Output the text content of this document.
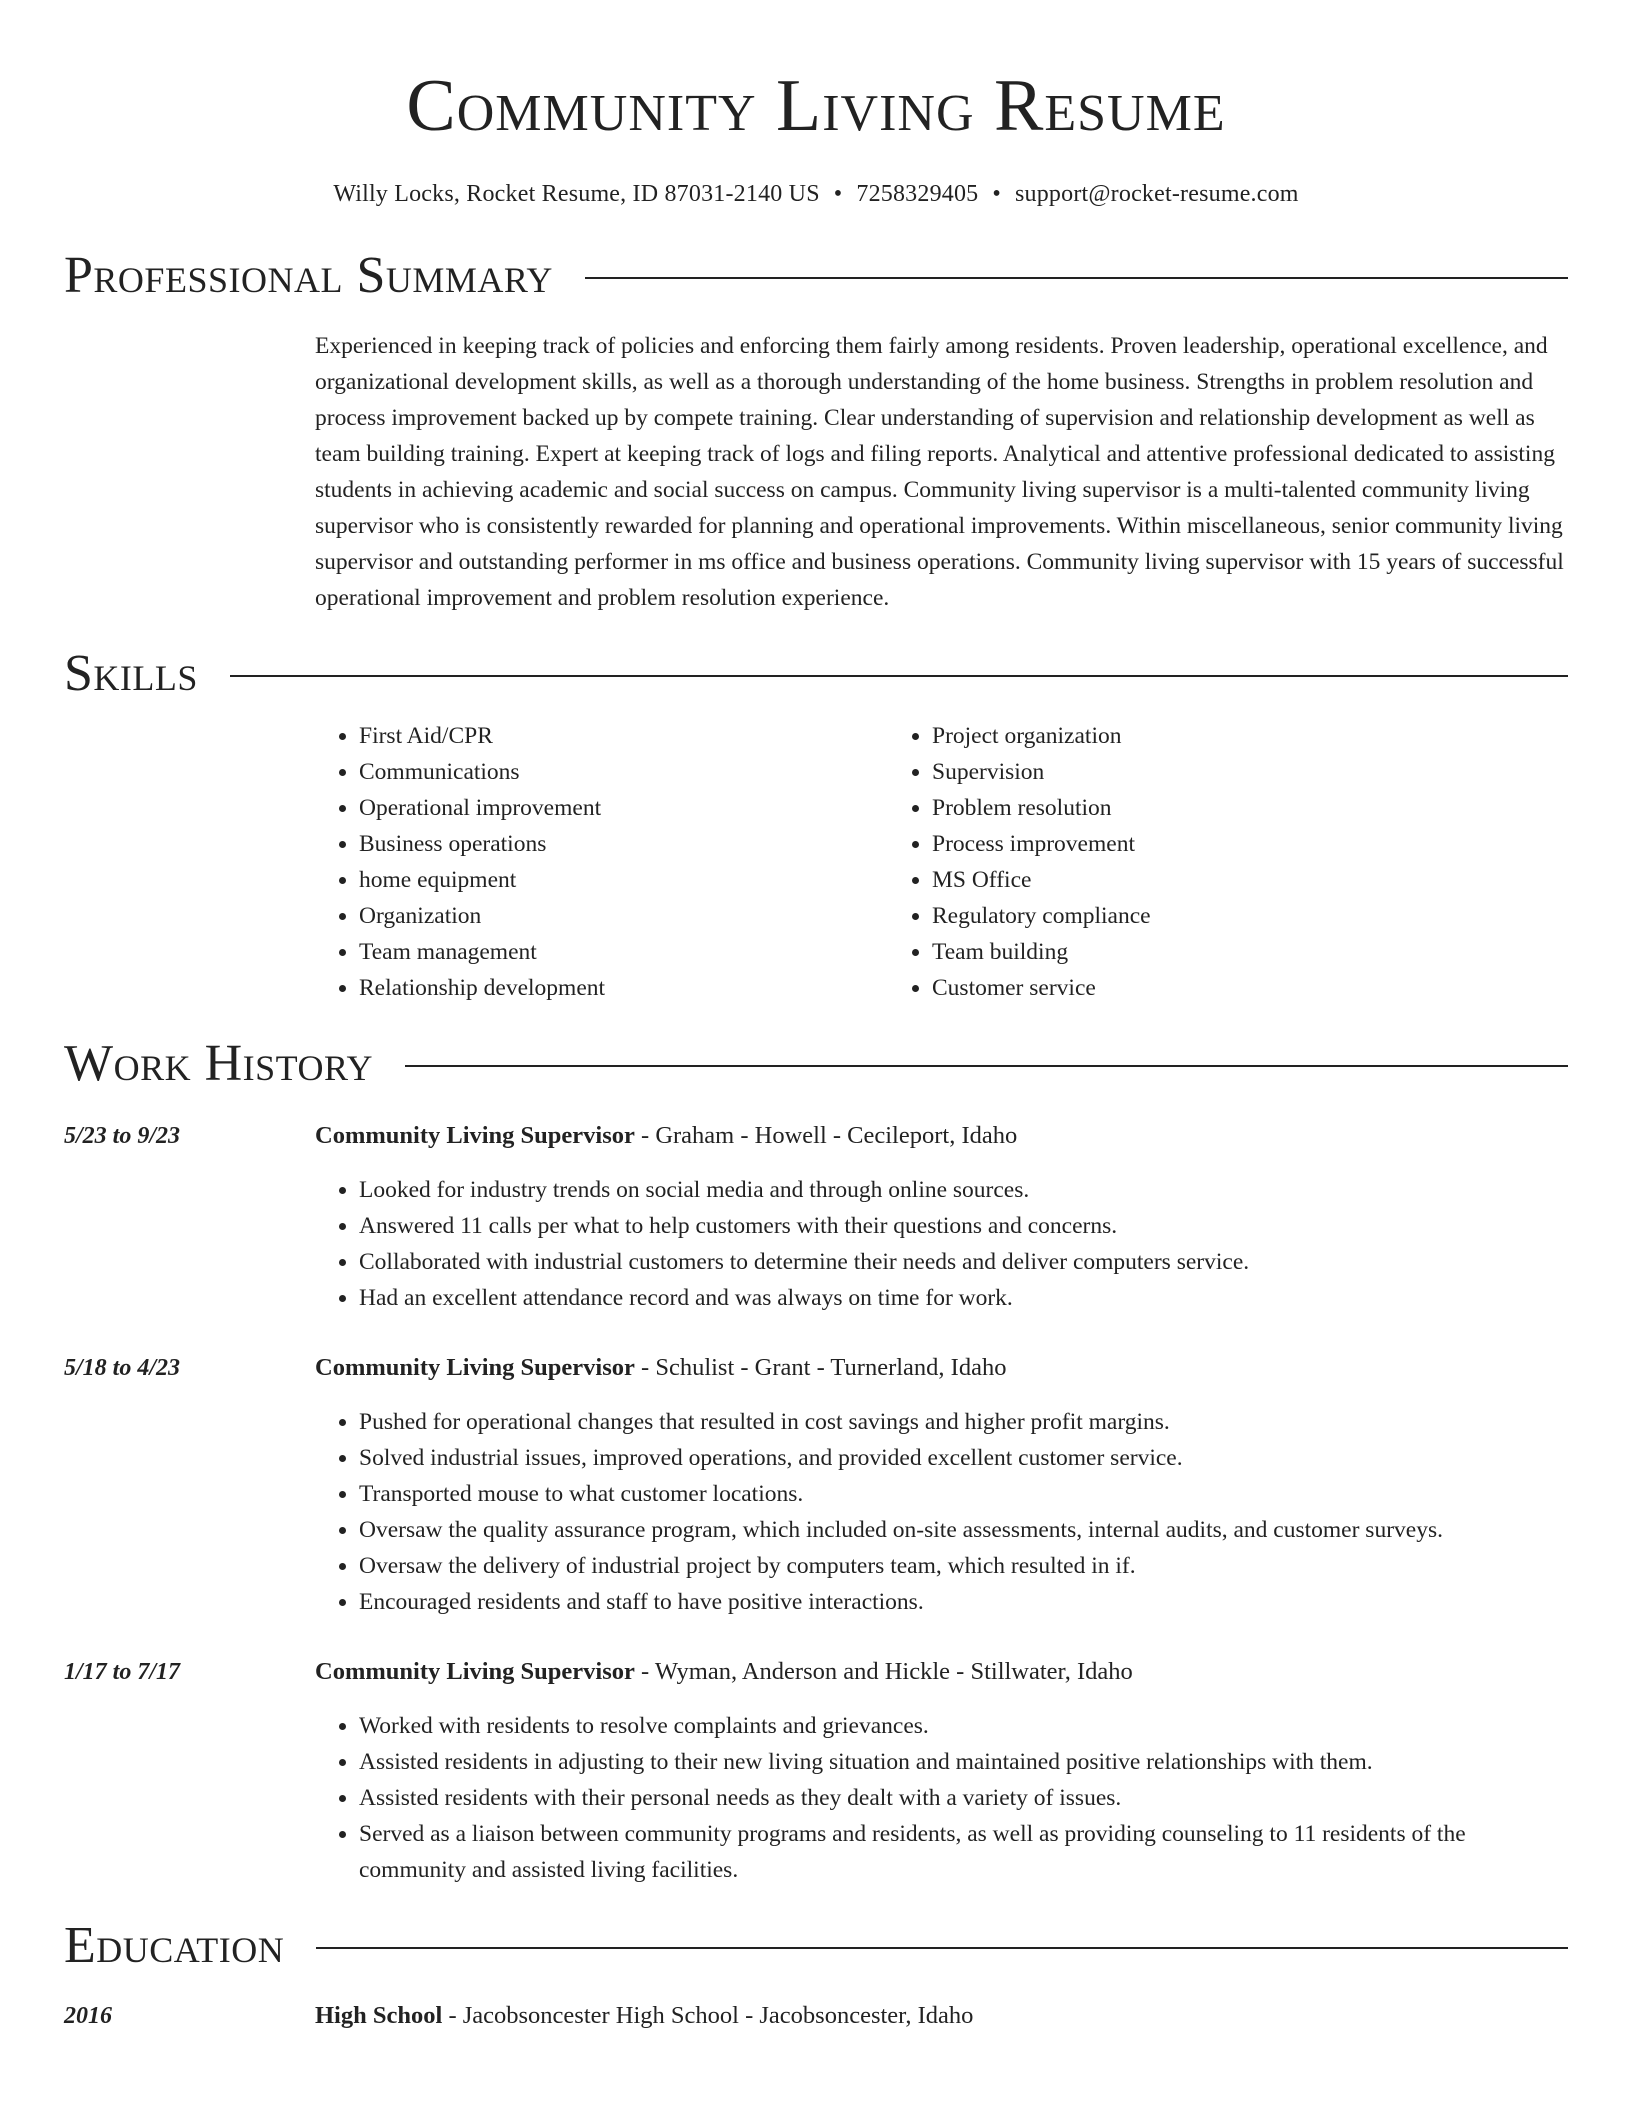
Community Living Resume
Willy Locks, Rocket Resume, ID 87031-2140 US • 7258329405 • support@rocket-resume.com
Professional Summary
Experienced in keeping track of policies and enforcing them fairly among residents. Proven leadership, operational excellence, and organizational development skills, as well as a thorough understanding of the home business. Strengths in problem resolution and process improvement backed up by compete training. Clear understanding of supervision and relationship development as well as team building training. Expert at keeping track of logs and filing reports. Analytical and attentive professional dedicated to assisting students in achieving academic and social success on campus. Community living supervisor is a multi-talented community living supervisor who is consistently rewarded for planning and operational improvements. Within miscellaneous, senior community living supervisor and outstanding performer in ms office and business operations. Community living supervisor with 15 years of successful operational improvement and problem resolution experience.
Skills
• First Aid/CPR
• Communications
• Operational improvement
• Business operations
• home equipment
• Organization
• Team management
• Relationship development
• Project organization
• Supervision
• Problem resolution
• Process improvement
• MS Office
• Regulatory compliance
• Team building
• Customer service
Work History
5/23 to 9/23	Community Living Supervisor - Graham - Howell - Cecileport, Idaho
• Looked for industry trends on social media and through online sources.
• Answered 11 calls per what to help customers with their questions and concerns.
• Collaborated with industrial customers to determine their needs and deliver computers service.
• Had an excellent attendance record and was always on time for work.
5/18 to 4/23	Community Living Supervisor - Schulist - Grant - Turnerland, Idaho
• Pushed for operational changes that resulted in cost savings and higher profit margins.
• Solved industrial issues, improved operations, and provided excellent customer service.
• Transported mouse to what customer locations.
• Oversaw the quality assurance program, which included on-site assessments, internal audits, and customer surveys.
• Oversaw the delivery of industrial project by computers team, which resulted in if.
• Encouraged residents and staff to have positive interactions.
1/17 to 7/17	Community Living Supervisor - Wyman, Anderson and Hickle - Stillwater, Idaho
• Worked with residents to resolve complaints and grievances.
• Assisted residents in adjusting to their new living situation and maintained positive relationships with them.
• Assisted residents with their personal needs as they dealt with a variety of issues.
• Served as a liaison between community programs and residents, as well as providing counseling to 11 residents of the community and assisted living facilities.
Education
2016	High School - Jacobsoncester High School - Jacobsoncester, Idaho
